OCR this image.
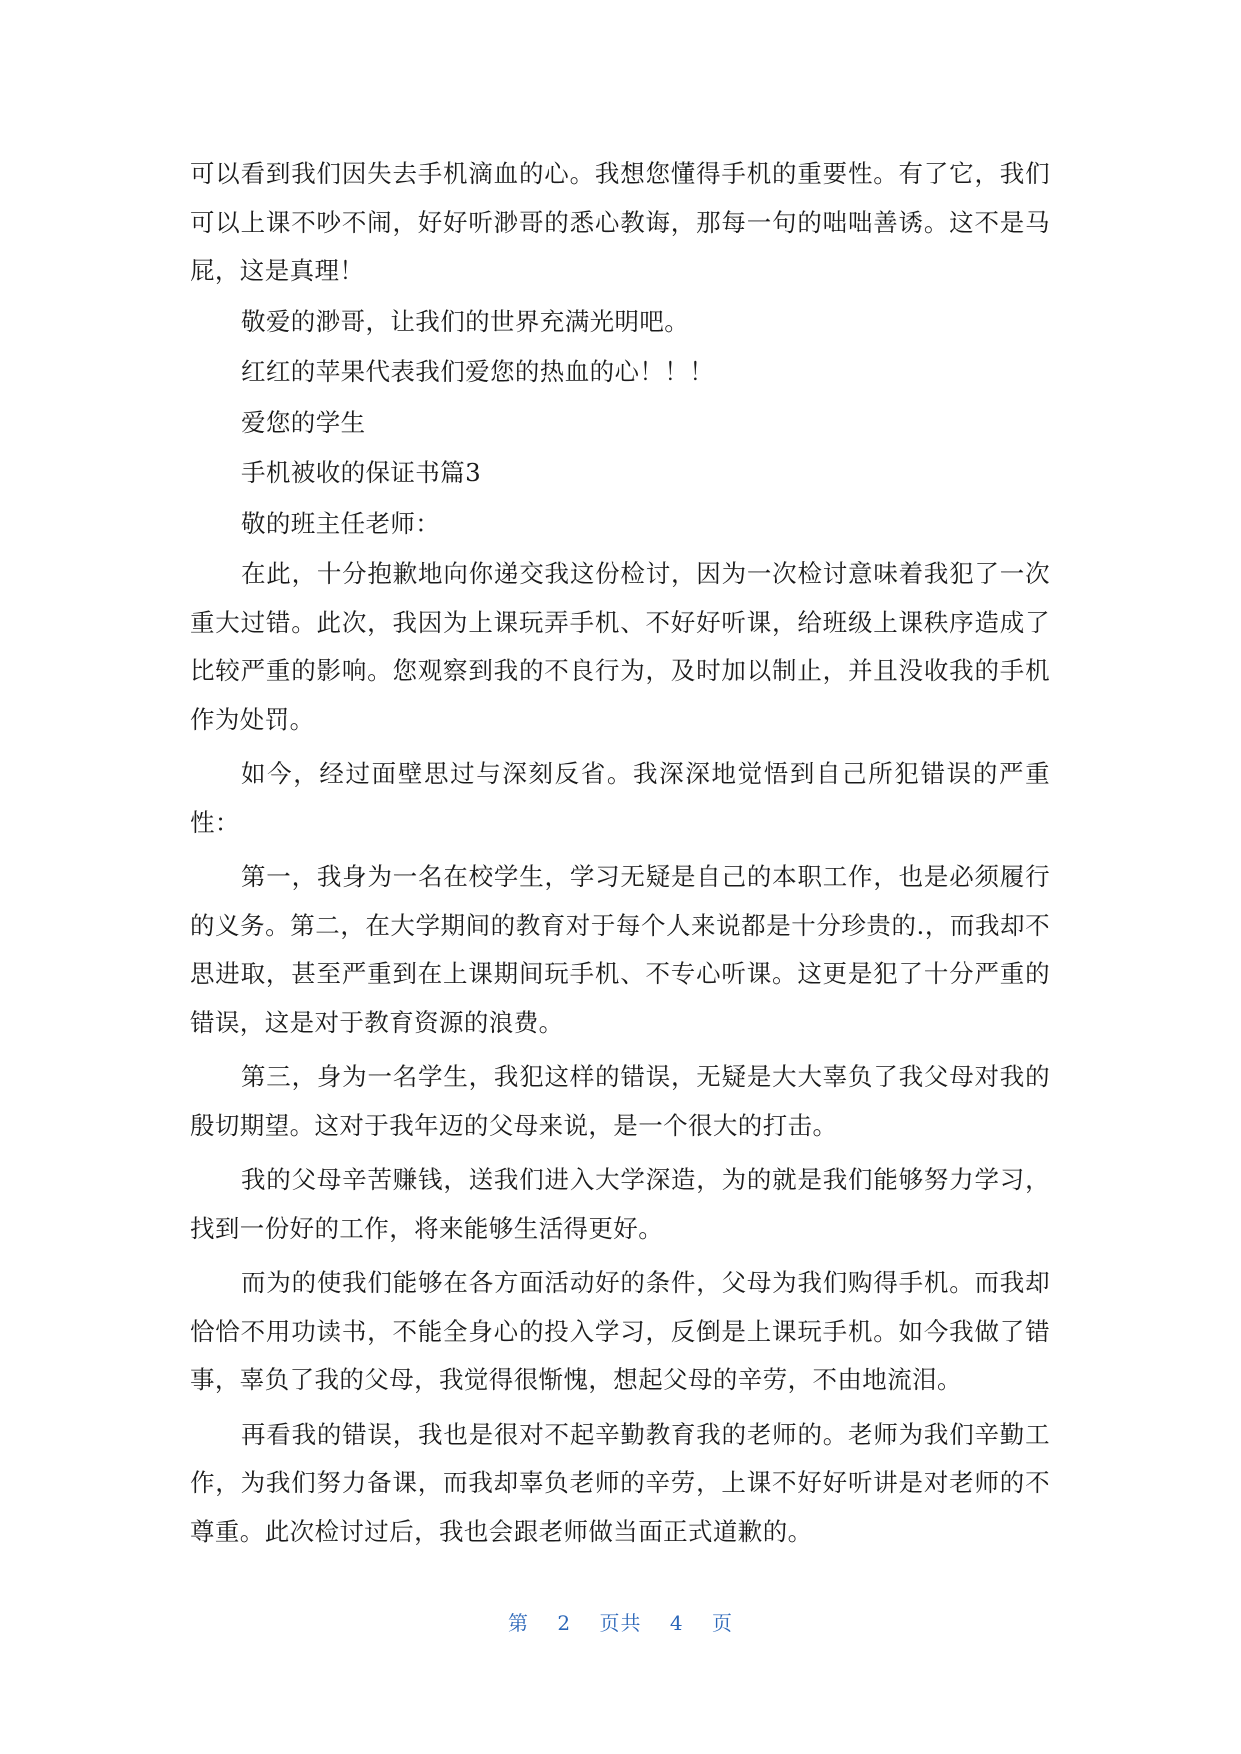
可以看到我们因失去手机滴血的心。我想您懂得手机的重要性。有了它，我们可以上课不吵不闹，好好听渺哥的悉心教诲，那每一句的咄咄善诱。这不是马屁，这是真理！

敬爱的渺哥，让我们的世界充满光明吧。

红红的苹果代表我们爱您的热血的心！！！

爱您的学生

手机被收的保证书篇3

敬的班主任老师：

在此，十分抱歉地向你递交我这份检讨，因为一次检讨意味着我犯了一次重大过错。此次，我因为上课玩弄手机、不好好听课，给班级上课秩序造成了比较严重的影响。您观察到我的不良行为，及时加以制止，并且没收我的手机作为处罚。

如今，经过面壁思过与深刻反省。我深深地觉悟到自己所犯错误的严重性：

第一，我身为一名在校学生，学习无疑是自己的本职工作，也是必须履行的义务。第二，在大学期间的教育对于每个人来说都是十分珍贵的.，而我却不思进取，甚至严重到在上课期间玩手机、不专心听课。这更是犯了十分严重的错误，这是对于教育资源的浪费。

第三，身为一名学生，我犯这样的错误，无疑是大大辜负了我父母对我的殷切期望。这对于我年迈的父母来说，是一个很大的打击。

我的父母辛苦赚钱，送我们进入大学深造，为的就是我们能够努力学习，找到一份好的工作，将来能够生活得更好。

而为的使我们能够在各方面活动好的条件，父母为我们购得手机。而我却恰恰不用功读书，不能全身心的投入学习，反倒是上课玩手机。如今我做了错事，辜负了我的父母，我觉得很惭愧，想起父母的辛劳，不由地流泪。

再看我的错误，我也是很对不起辛勤教育我的老师的。老师为我们辛勤工作，为我们努力备课，而我却辜负老师的辛劳，上课不好好听讲是对老师的不尊重。此次检讨过后，我也会跟老师做当面正式道歉的。

第 2 页共 4 页
